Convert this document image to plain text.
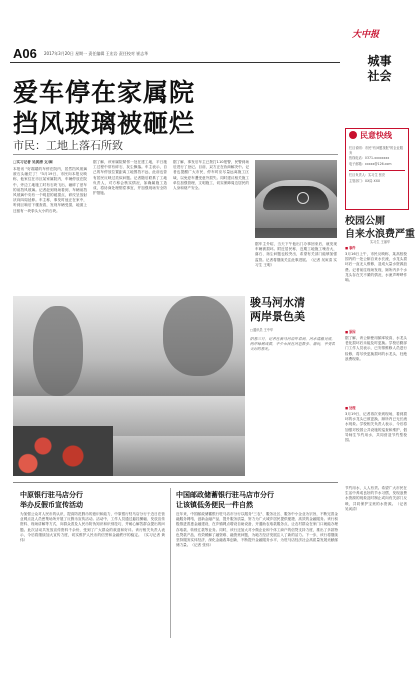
A06 2017年3月20日 星期一 责任编辑 王宏岩 责任校对 崔志华
大中报
城事
社会
爱车停在家属院
挡风玻璃被砸烂
市民：工地上落石所致
□实习记者 吴寅清 文/图
本报讯 "好端端的车停在院内，居然挡风玻璃被石头砸烂了！"3月19日，市民向本报反映称，他家住在市区某家属院内，车辆停放在院中，旁边工地施工时有石块飞出，砸碎了爱车的前挡风玻璃。记者赶到现场看到，车辆前挡风玻璃中央有一个明显的破损点，碎纹呈放射状向四周延伸。车主称，事发时他正在家中，听到巨响后下楼查看，发现车辆受损，地面上还留有一块拳头大小的石块。
据了解，该家属院紧邻一处在建工地，平日施工过程中常有碎石、灰尘飘落。车主表示，自己的车停放位置距离工地围挡不远，此前也曾有居民反映过类似问题。记者随后联系了工地负责人，对方称会核实情况，如确属施工造成，将协商处理赔偿事宜，并加强现场安全防护措施。
据了解，事发后车主已拨打110报警，民警到场后进行了登记。目前，双方正在协商解决中。记者也提醒广大市民，停车时应尽量远离施工区域，以免爱车遭受意外损失。同时建议相关施工单位加强管理，文明施工，切实保障周边居民的人身和财产安全。
据车主介绍，当天下午他出门办事回来后，就发现车辆被损坏。附近居民称，近期工地施工噪音大，落石、扬尘问题也较突出，希望有关部门能够加强监管。记者将继续关注此事进展。（记者 吴寅清 实习生 王明）
民意快线
栏目说明：市民"有问题找报"的企业服务
热线电话：0371-xxxxxxxx
电子邮箱：xxxxx@126.com
栏目负责人：实习生 张亮
主管部门：XX局 XXX
校园公厕
自来水浪费严重
实习生 王丽华
■ 事件
3月16日上午，市民反映称，某高校校园内的一处公厕自来水长流，水龙头损坏后一直无人维修，造成大量水资源浪费。记者前往现场发现，厕所内多个水龙头存在关不紧的情况，水流声哗哗作响。
■ 原因
据了解，该公厕使用频率较高，水龙头老化损坏后未能及时更换。学校后勤部门工作人员表示，已安排维修人员进行检修，将尽快更换损坏的水龙头，杜绝浪费现象。
■ 处理
3月19日，记者再次来到现场，看到损坏的水龙头已被更换，厕所内已无长流水现象。学校相关负责人表示，今后将加强对校园公共设施的巡查和维护，倡导师生节约用水，共同营造节约型校园。
节约用水，人人有责。希望广大市民在生活中养成良好的节水习惯，发现浪费水资源的现象及时制止或向有关部门反映，共同保护宝贵的水资源。（记者 吴寅清）
骏马河水清
两岸景色美
□通讯员 王中华
阳春三月，记者在骏马河沿岸看到，河水清澈见底，两岸绿树成荫，不少市民在河边散步、游玩，享受着美好的春光。
中原银行驻马店分行
举办反假币宣传活动
为加强公众对人民币的认识，提高防范假币的意识和能力，中原银行驻马店分行于近日在营业网点及人员密集场所开展了反假币宣传活动。活动中，工作人员通过悬挂横幅、发放宣传资料、现场讲解等方式，向群众普及人民币防伪知识和识别技巧，并耐心解答群众提出的问题。此次活动共发放宣传资料千余份，受到了广大群众的欢迎和好评。该行相关负责人表示，今后将继续加大宣传力度，切实维护人民币的信誉和金融秩序的稳定。（实习记者 黄伟）
中国邮政储蓄银行驻马店市分行
让该镇低务便民一件自然
近年来，中国邮政储蓄银行驻马店市分行以服务"三农"、服务社区、服务中小企业为宗旨，不断完善金融服务网络，创新金融产品，提升服务质量，努力为广大城乡居民提供便捷、高效的金融服务。该行积极推进普惠金融建设，在乡镇网点增设自助设备，开通助农取款服务点，让农村群众在家门口就能办理存取款、转账汇款等业务。同时，该行还加大对小微企业和个体工商户的信贷支持力度，推出了多款特色贷款产品，有效缓解了融资难、融资贵问题，为地方经济发展注入了新的活力。下一步，该行将继续坚持服务实体经济，深化金融改革创新，不断提升金融服务水平，为驻马店经济社会高质量发展贡献邮储力量。（记者 张伟）
